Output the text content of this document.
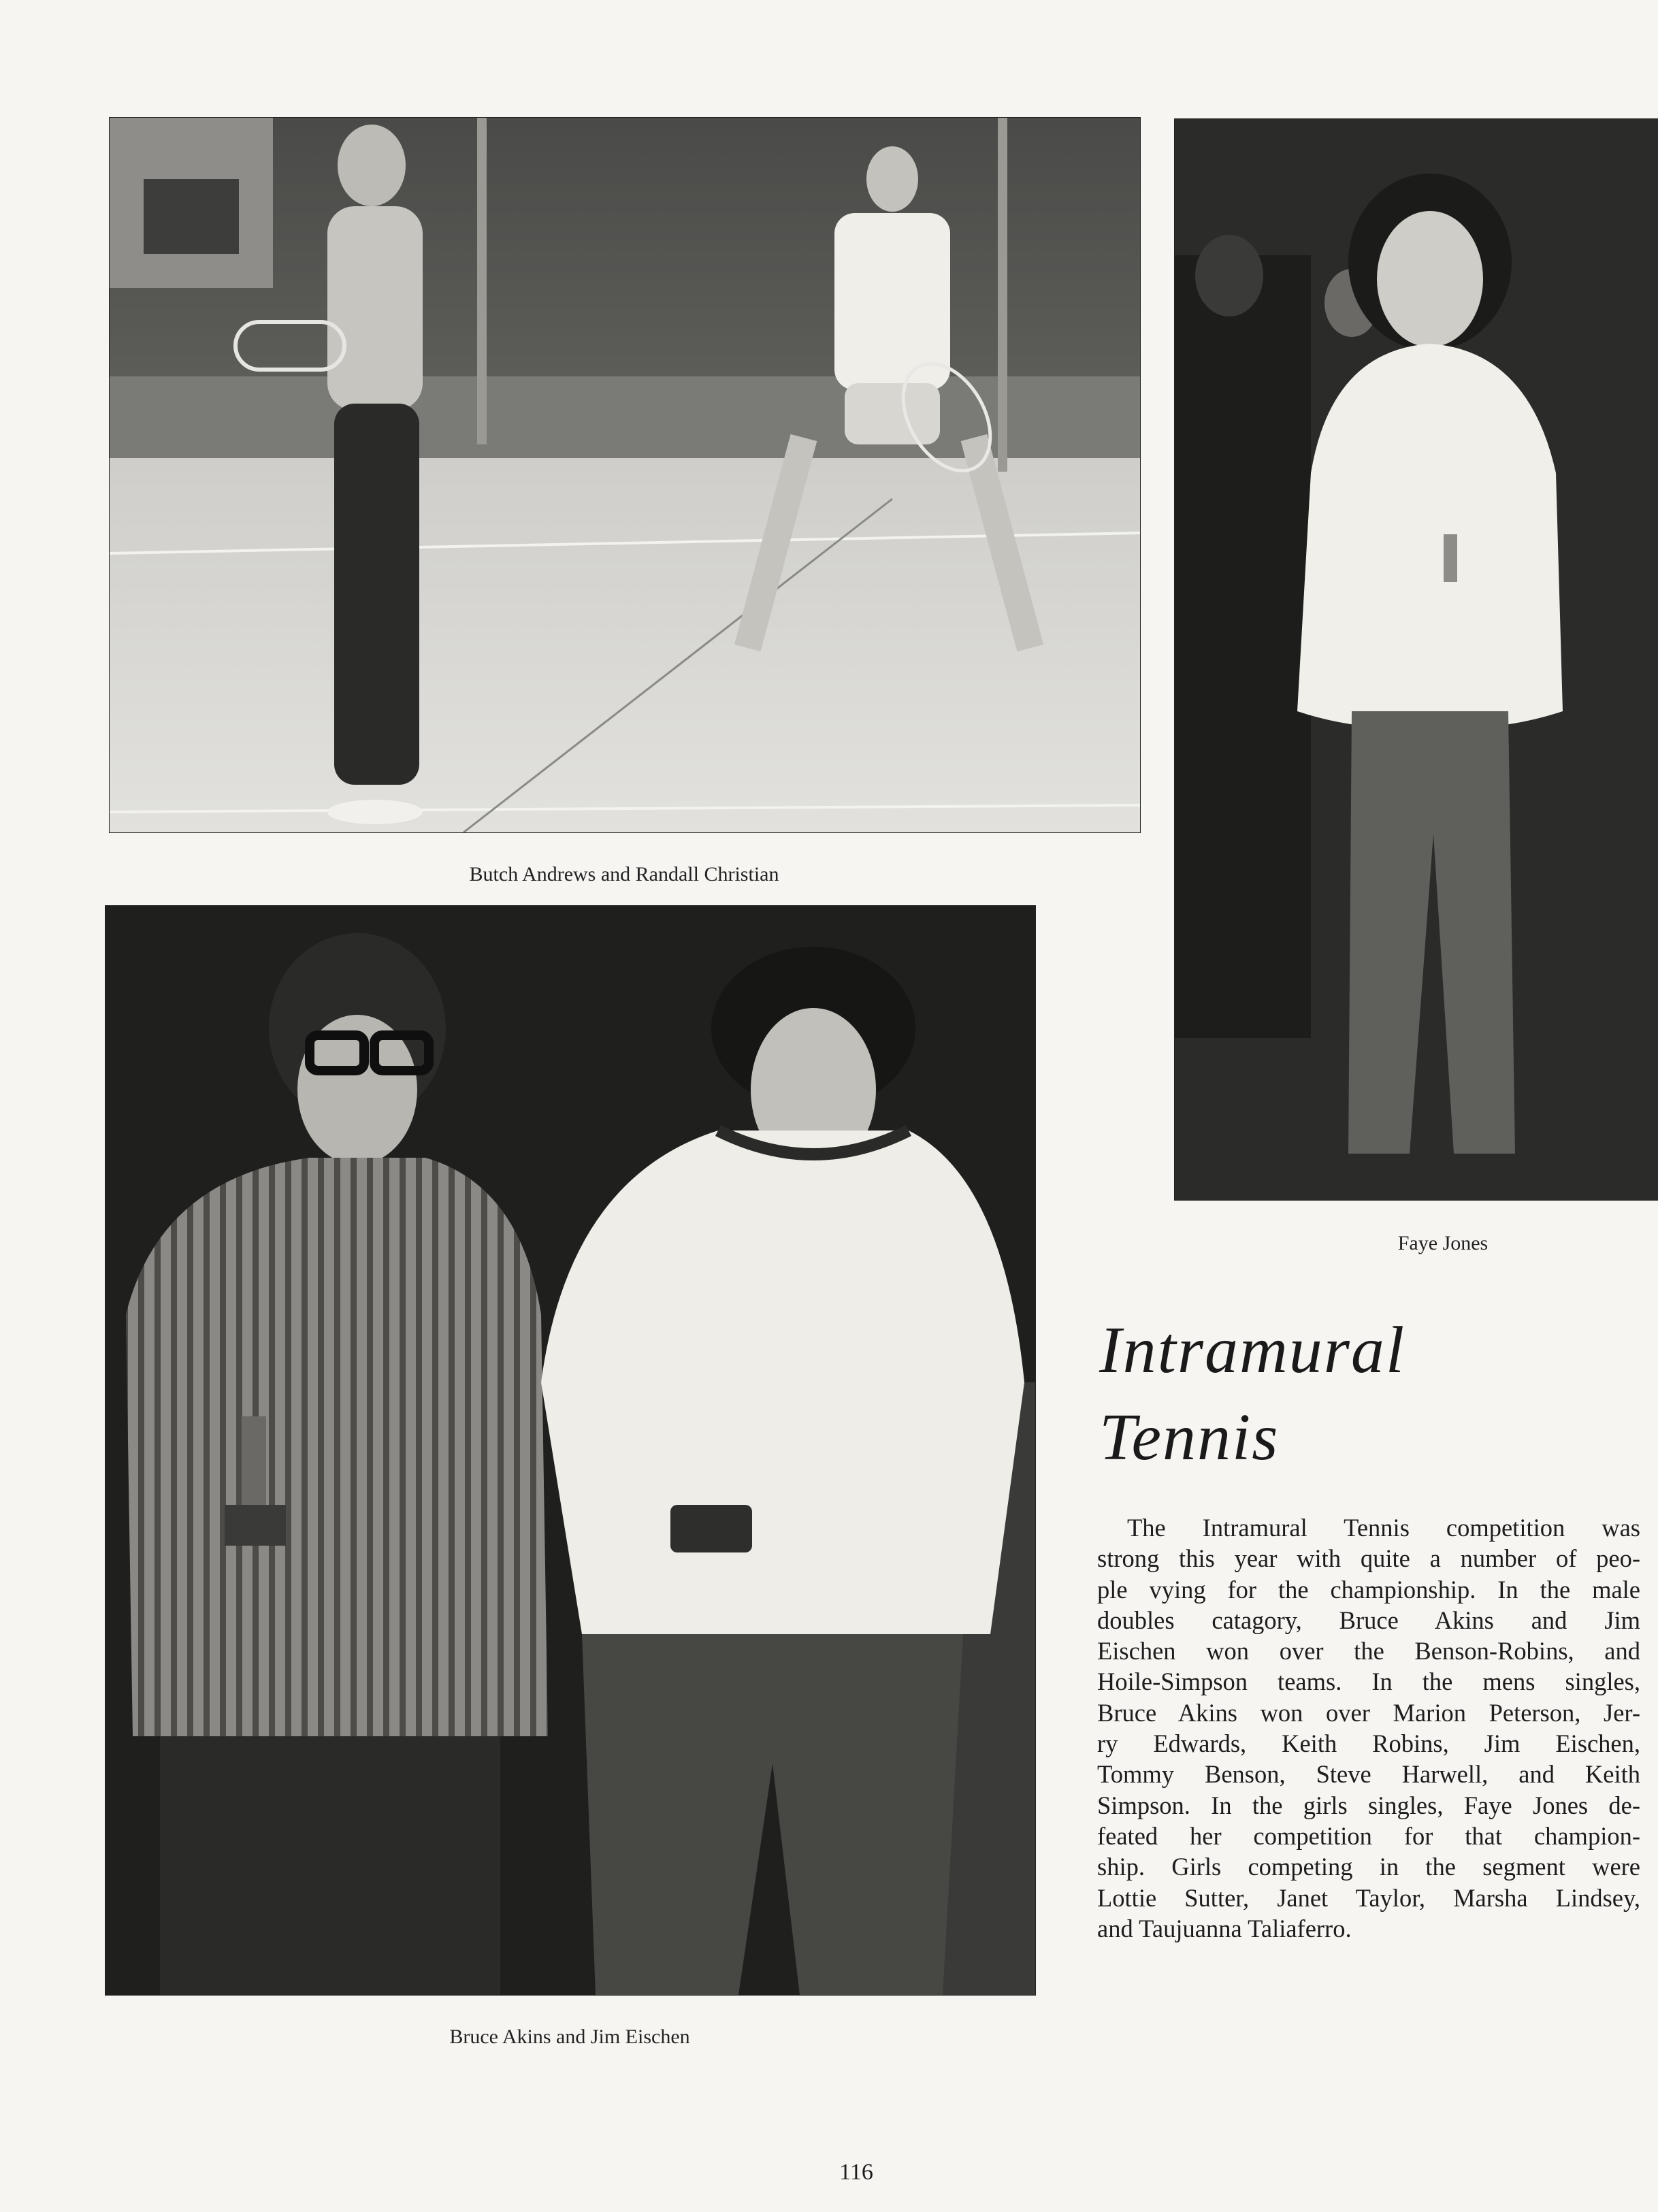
Butch Andrews and Randall Christian
Faye Jones
Bruce Akins and Jim Eischen
Intramural
Tennis
The Intramural Tennis competition was
strong this year with quite a number of peo-
ple vying for the championship. In the male
doubles catagory, Bruce Akins and Jim
Eischen won over the Benson-Robins, and
Hoile-Simpson teams. In the mens singles,
Bruce Akins won over Marion Peterson, Jer-
ry Edwards, Keith Robins, Jim Eischen,
Tommy Benson, Steve Harwell, and Keith
Simpson. In the girls singles, Faye Jones de-
feated her competition for that champion-
ship. Girls competing in the segment were
Lottie Sutter, Janet Taylor, Marsha Lindsey,
and Taujuanna Taliaferro.
116
